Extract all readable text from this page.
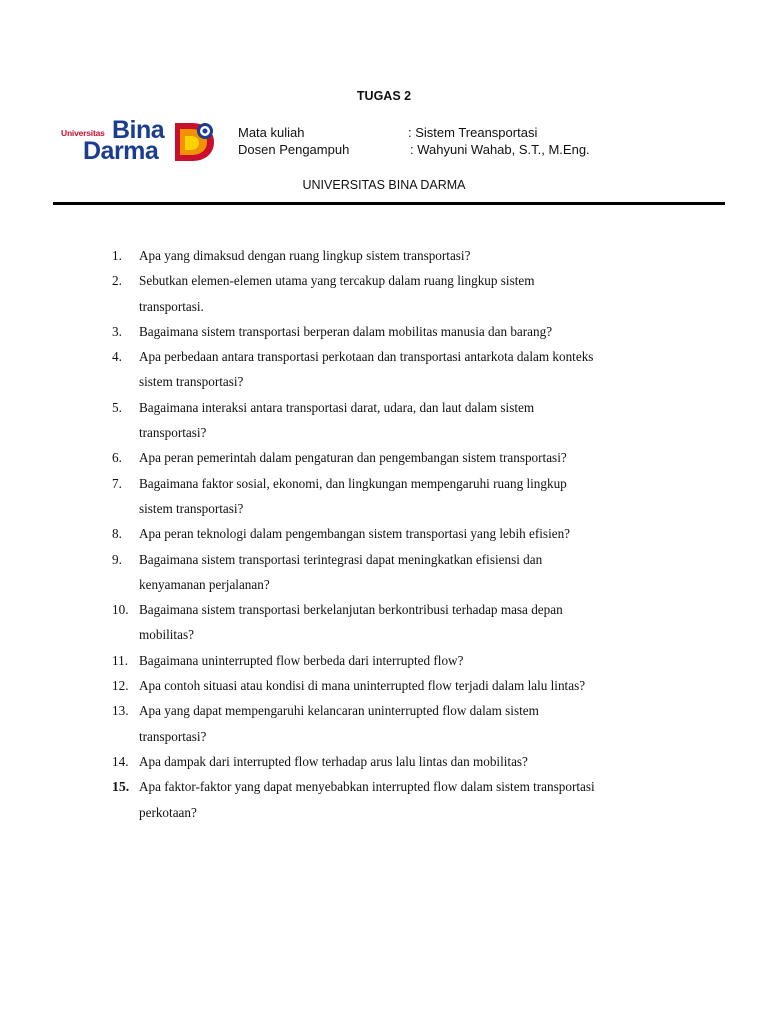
TUGAS 2
Universitas Bina
Darma
Mata kuliah	: Sistem Treansportasi
Dosen Pengampuh	: Wahyuni Wahab, S.T., M.Eng.
UNIVERSITAS BINA DARMA
1.	Apa yang dimaksud dengan ruang lingkup sistem transportasi?
2.	Sebutkan elemen-elemen utama yang tercakup dalam ruang lingkup sistem
transportasi.
3.	Bagaimana sistem transportasi berperan dalam mobilitas manusia dan barang?
4.	Apa perbedaan antara transportasi perkotaan dan transportasi antarkota dalam konteks
sistem transportasi?
5.	Bagaimana interaksi antara transportasi darat, udara, dan laut dalam sistem
transportasi?
6.	Apa peran pemerintah dalam pengaturan dan pengembangan sistem transportasi?
7.	Bagaimana faktor sosial, ekonomi, dan lingkungan mempengaruhi ruang lingkup
sistem transportasi?
8.	Apa peran teknologi dalam pengembangan sistem transportasi yang lebih efisien?
9.	Bagaimana sistem transportasi terintegrasi dapat meningkatkan efisiensi dan
kenyamanan perjalanan?
10. Bagaimana sistem transportasi berkelanjutan berkontribusi terhadap masa depan
mobilitas?
11. Bagaimana uninterrupted flow berbeda dari interrupted flow?
12. Apa contoh situasi atau kondisi di mana uninterrupted flow terjadi dalam lalu lintas?
13. Apa yang dapat mempengaruhi kelancaran uninterrupted flow dalam sistem
transportasi?
14. Apa dampak dari interrupted flow terhadap arus lalu lintas dan mobilitas?
15. Apa faktor-faktor yang dapat menyebabkan interrupted flow dalam sistem transportasi
perkotaan?
